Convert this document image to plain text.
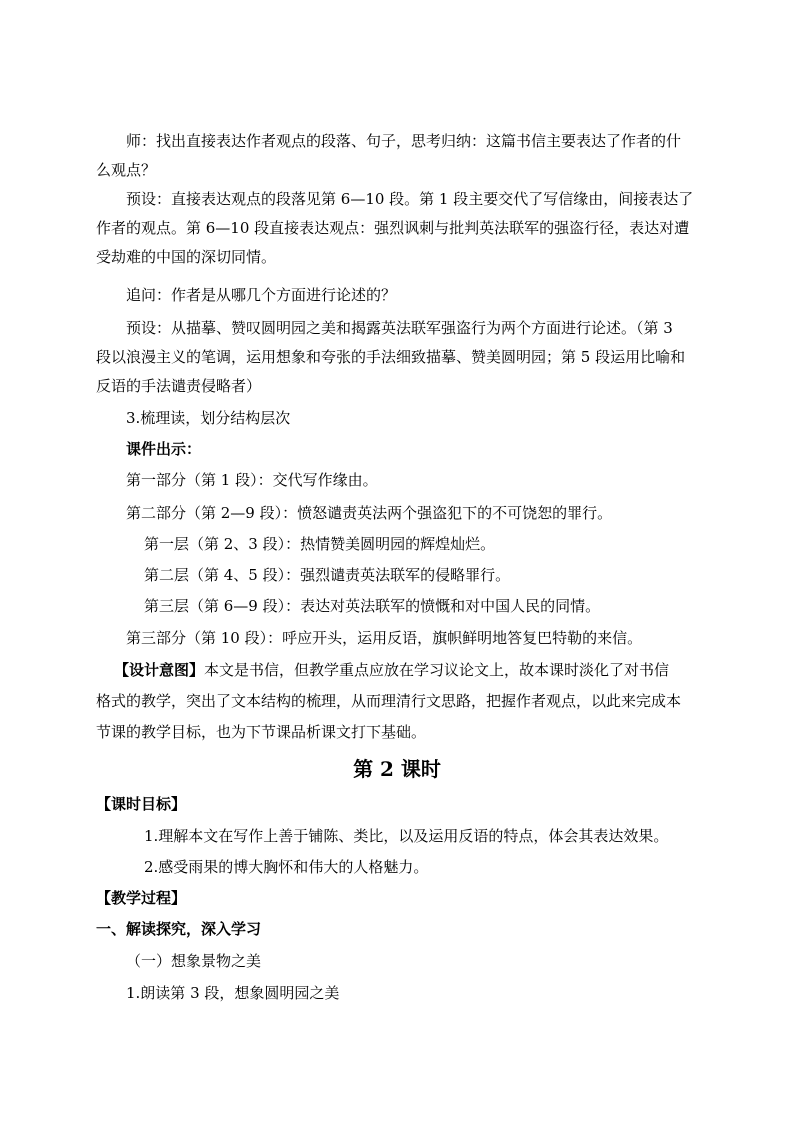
师：找出直接表达作者观点的段落、句子，思考归纳：这篇书信主要表达了作者的什
么观点？
预设：直接表达观点的段落见第 6—10 段。第 1 段主要交代了写信缘由，间接表达了
作者的观点。第 6—10 段直接表达观点：强烈讽刺与批判英法联军的强盗行径，表达对遭
受劫难的中国的深切同情。
追问：作者是从哪几个方面进行论述的？
预设：从描摹、赞叹圆明园之美和揭露英法联军强盗行为两个方面进行论述。（第 3
段以浪漫主义的笔调，运用想象和夸张的手法细致描摹、赞美圆明园；第 5 段运用比喻和
反语的手法谴责侵略者）
3.梳理读，划分结构层次
课件出示：
第一部分（第 1 段）：交代写作缘由。
第二部分（第 2—9 段）：愤怒谴责英法两个强盗犯下的不可饶恕的罪行。
第一层（第 2、3 段）：热情赞美圆明园的辉煌灿烂。
第二层（第 4、5 段）：强烈谴责英法联军的侵略罪行。
第三层（第 6—9 段）：表达对英法联军的愤慨和对中国人民的同情。
第三部分（第 10 段）：呼应开头，运用反语，旗帜鲜明地答复巴特勒的来信。
【设计意图】本文是书信，但教学重点应放在学习议论文上，故本课时淡化了对书信
格式的教学，突出了文本结构的梳理，从而理清行文思路，把握作者观点，以此来完成本
节课的教学目标，也为下节课品析课文打下基础。
第 2 课时
【课时目标】
1.理解本文在写作上善于铺陈、类比，以及运用反语的特点，体会其表达效果。
2.感受雨果的博大胸怀和伟大的人格魅力。
【教学过程】
一、解读探究，深入学习
（一）想象景物之美
1.朗读第 3 段，想象圆明园之美
